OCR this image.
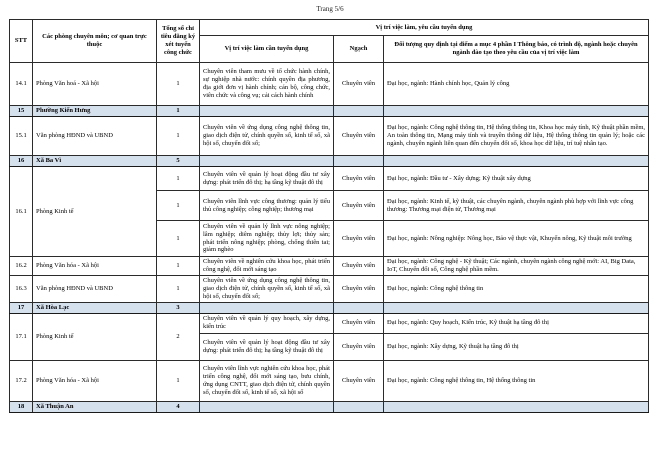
Trang 5/6
STT	Các phòng chuyên môn; cơ quan trực thuộc	Tổng số chỉ tiêu đăng ký xét tuyển công chức	Vị trí việc làm, yêu cầu tuyển dụng		
			Vị trí việc làm cần tuyển dụng	Ngạch	Đối tượng quy định tại điểm a mục 4 phần I Thông báo, có trình độ, ngành hoặc chuyên ngành đào tạo theo yêu cầu của vị trí việc làm
14.1	Phòng Văn hoá - Xã hội	1	Chuyên viên tham mưu về tổ chức hành chính, sự nghiệp nhà nước: chính quyền địa phương, địa giới đơn vị hành chính; cán bộ, công chức, viên chức và công vụ; cải cách hành chính	Chuyên viên	Đại học, ngành: Hành chính học, Quản lý công
15	Phường Kiến Hưng	1			
15.1	Văn phòng HĐND và UBND	1	Chuyên viên về ứng dụng công nghệ thông tin, giao dịch điện tử, chính quyền số, kinh tế số, xã hội số, chuyển đổi số;	Chuyên viên	Đại học, ngành: Công nghệ thông tin, Hệ thống thông tin, Khoa học máy tính, Kỹ thuật phần mềm, An toàn thông tin, Mạng máy tính và truyền thông dữ liệu, Hệ thống thông tin quản lý; hoặc các ngành, chuyên ngành liên quan đến chuyển đổi số, khoa học dữ liệu, trí tuệ nhân tạo.
16	Xã Ba Vì	5			
16.1	Phòng Kinh tế	1	Chuyên viên về quản lý hoạt động đầu tư xây dựng: phát triển đô thị; hạ tầng kỹ thuật đô thị	Chuyên viên	Đại học, ngành: Đầu tư - Xây dựng; Kỹ thuật xây dựng
		1	Chuyên viên lĩnh vực công thương: quản lý tiểu thủ công nghiệp; công nghiệp; thương mại	Chuyên viên	Đại học, ngành: Kinh tế, kỹ thuật, các chuyên ngành, chuyên ngành phù hợp với lĩnh vực công thương: Thương mại điện tử, Thương mại
		1	Chuyên viên về quản lý lĩnh vực nông nghiệp; lâm nghiệp; diêm nghiệp; thủy lợi; thủy sản; phát triển nông nghiệp; phòng, chống thiên tai; giảm nghèo	Chuyên viên	Đại học, ngành: Nông nghiệp: Nông học, Bảo vệ thực vật, Khuyến nông, Kỹ thuật môi trường
16.2	Phòng Văn hóa - Xã hội	1	Chuyên viên về nghiên cứu khoa học, phát triển công nghệ, đổi mới sáng tạo	Chuyên viên	Đại học, ngành: Công nghệ - Kỹ thuật; Các ngành, chuyên ngành công nghệ mới: AI, Big Data, IoT, Chuyển đổi số, Công nghệ phần mềm.
16.3	Văn phòng HĐND và UBND	1	Chuyên viên về ứng dụng công nghệ thông tin, giao dịch điện tử, chính quyền số, kinh tế số, xã hội số, chuyển đổi số;	Chuyên viên	Đại học, ngành: Công nghệ thông tin
17	Xã Hòa Lạc	3			
17.1	Phòng Kinh tế	2	Chuyên viên về quản lý quy hoạch, xây dựng, kiến trúc	Chuyên viên	Đại học, ngành: Quy hoạch, Kiến trúc, Kỹ thuật hạ tầng đô thị
			Chuyên viên về quản lý hoạt động đầu tư xây dựng: phát triển đô thị; hạ tầng kỹ thuật đô thị	Chuyên viên	Đại học, ngành: Xây dựng, Kỹ thuật hạ tầng đô thị
17.2	Phòng Văn hóa - Xã hội	1	Chuyên viên lĩnh vực nghiên cứu khoa học, phát triển công nghệ, đổi mới sáng tạo, bưu chính, ứng dụng CNTT, giao dịch điện tử, chính quyền số, chuyển đổi số, kinh tế số, xã hội số	Chuyên viên	Đại học, ngành: Công nghệ thông tin, Hệ thống thông tin
18	Xã Thuận An	4			
